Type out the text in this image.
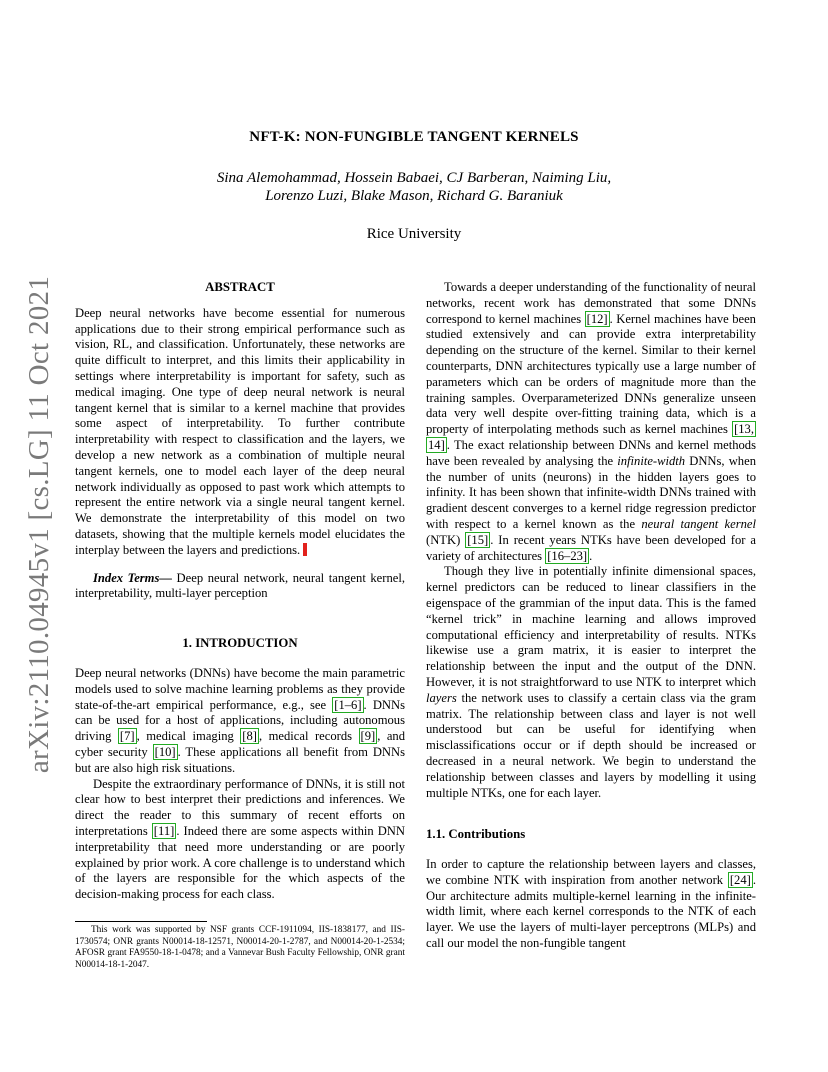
arXiv:2110.04945v1 [cs.LG] 11 Oct 2021
NFT-K: NON-FUNGIBLE TANGENT KERNELS
Sina Alemohammad, Hossein Babaei, CJ Barberan, Naiming Liu,
Lorenzo Luzi, Blake Mason, Richard G. Baraniuk
Rice University
ABSTRACT

Deep neural networks have become essential for numerous applications due to their strong empirical performance such as vision, RL, and classification. Unfortunately, these networks are quite difficult to interpret, and this limits their applicability in settings where interpretability is important for safety, such as medical imaging. One type of deep neural network is neural tangent kernel that is similar to a kernel machine that provides some aspect of interpretability. To further contribute interpretability with respect to classification and the layers, we develop a new network as a combination of multiple neural tangent kernels, one to model each layer of the deep neural network individually as opposed to past work which attempts to represent the entire network via a single neural tangent kernel. We demonstrate the interpretability of this model on two datasets, showing that the multiple kernels model elucidates the interplay between the layers and predictions.

Index Terms— Deep neural network, neural tangent kernel, interpretability, multi-layer perception

1. INTRODUCTION

Deep neural networks (DNNs) have become the main parametric models used to solve machine learning problems as they provide state-of-the-art empirical performance, e.g., see [1–6] . DNNs can be used for a host of applications, including autonomous driving [7] , medical imaging [8] , medical records [9] , and cyber security [10] . These applications all benefit from DNNs but are also high risk situations.

Despite the extraordinary performance of DNNs, it is still not clear how to best interpret their predictions and inferences. We direct the reader to this summary of recent efforts on interpretations [11] . Indeed there are some aspects within DNN interpretability that need more understanding or are poorly explained by prior work. A core challenge is to understand which of the layers are responsible for the which aspects of the decision-making process for each class.

This work was supported by NSF grants CCF-1911094, IIS-1838177, and IIS-1730574; ONR grants N00014-18-12571, N00014-20-1-2787, and N00014-20-1-2534; AFOSR grant FA9550-18-1-0478; and a Vannevar Bush Faculty Fellowship, ONR grant N00014-18-1-2047.

Towards a deeper understanding of the functionality of neural networks, recent work has demonstrated that some DNNs correspond to kernel machines [12] . Kernel machines have been studied extensively and can provide extra interpretability depending on the structure of the kernel. Similar to their kernel counterparts, DNN architectures typically use a large number of parameters which can be orders of magnitude more than the training samples. Overparameterized DNNs generalize unseen data very well despite over-fitting training data, which is a property of interpolating methods such as kernel machines [13, 14] . The exact relationship between DNNs and kernel methods have been revealed by analysing the infinite-width DNNs, when the number of units (neurons) in the hidden layers goes to infinity. It has been shown that infinite-width DNNs trained with gradient descent converges to a kernel ridge regression predictor with respect to a kernel known as the neural tangent kernel (NTK) [15] . In recent years NTKs have been developed for a variety of architectures [16–23] .

Though they live in potentially infinite dimensional spaces, kernel predictors can be reduced to linear classifiers in the eigenspace of the grammian of the input data. This is the famed “kernel trick” in machine learning and allows improved computational efficiency and interpretability of results. NTKs likewise use a gram matrix, it is easier to interpret the relationship between the input and the output of the DNN. However, it is not straightforward to use NTK to interpret which layers the network uses to classify a certain class via the gram matrix. The relationship between class and layer is not well understood but can be useful for identifying when misclassifications occur or if depth should be increased or decreased in a neural network. We begin to understand the relationship between classes and layers by modelling it using multiple NTKs, one for each layer.

1.1. Contributions

In order to capture the relationship between layers and classes, we combine NTK with inspiration from another network [24] . Our architecture admits multiple-kernel learning in the infinite-width limit, where each kernel corresponds to the NTK of each layer. We use the layers of multi-layer perceptrons (MLPs) and call our model the non-fungible tangent
